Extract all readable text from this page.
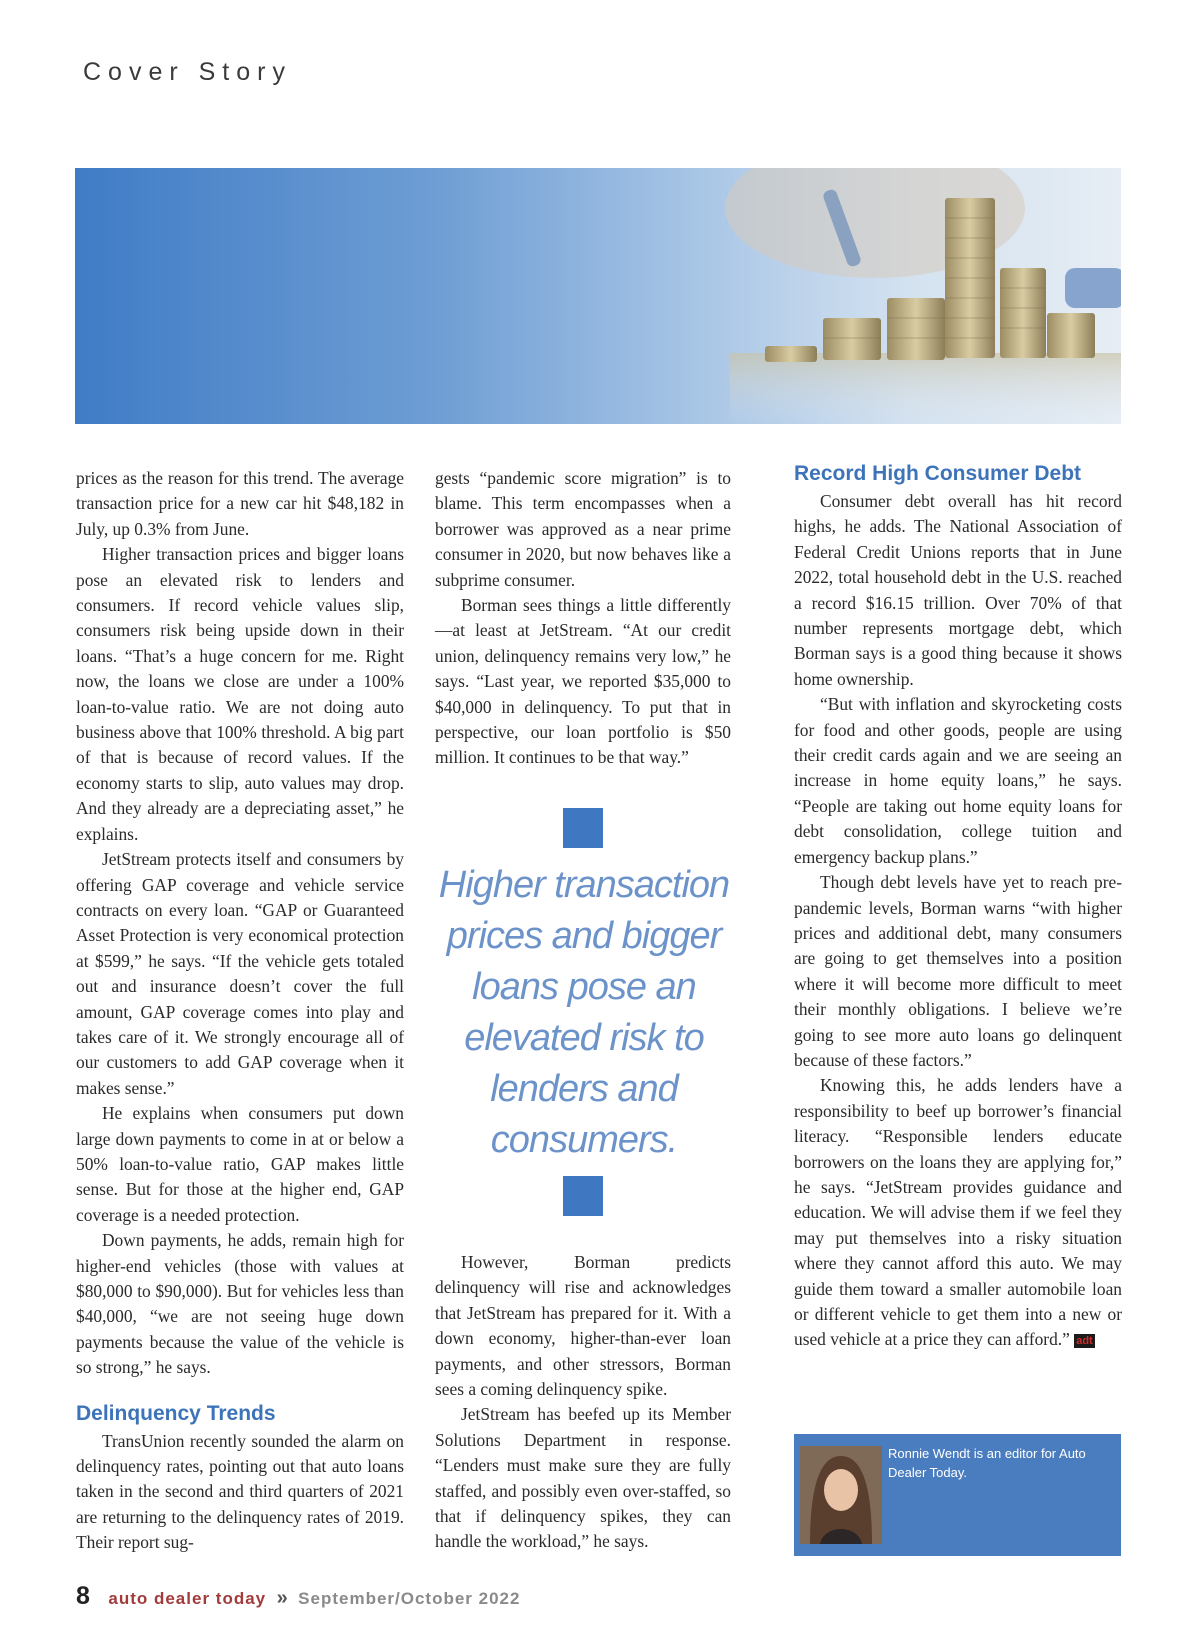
Cover Story

prices as the reason for this trend. The average transaction price for a new car hit $48,182 in July, up 0.3% from June.

Higher transaction prices and bigger loans pose an elevated risk to lenders and consumers. If record vehicle values slip, consumers risk being upside down in their loans. “That’s a huge concern for me. Right now, the loans we close are under a 100% loan-to-value ratio. We are not doing auto business above that 100% threshold. A big part of that is because of record values. If the economy starts to slip, auto values may drop. And they already are a depreciating asset,” he explains.

JetStream protects itself and consumers by offering GAP coverage and vehicle service contracts on every loan. “GAP or Guaranteed Asset Protection is very economical protection at $599,” he says. “If the vehicle gets totaled out and insurance doesn’t cover the full amount, GAP coverage comes into play and takes care of it. We strongly encourage all of our customers to add GAP coverage when it makes sense.”

He explains when consumers put down large down payments to come in at or below a 50% loan-to-value ratio, GAP makes little sense. But for those at the higher end, GAP coverage is a needed protection.

Down payments, he adds, remain high for higher-end vehicles (those with values at $80,000 to $90,000). But for vehicles less than $40,000, “we are not seeing huge down payments because the value of the vehicle is so strong,” he says.

Delinquency Trends

TransUnion recently sounded the alarm on delinquency rates, pointing out that auto loans taken in the second and third quarters of 2021 are returning to the delinquency rates of 2019. Their report sug-

gests “pandemic score migration” is to blame. This term encompasses when a borrower was approved as a near prime consumer in 2020, but now behaves like a subprime consumer.

Borman sees things a little differently—at least at JetStream. “At our credit union, delinquency remains very low,” he says. “Last year, we reported $35,000 to $40,000 in delinquency. To put that in perspective, our loan portfolio is $50 million. It continues to be that way.”

Higher transaction prices and bigger loans pose an elevated risk to lenders and consumers.

However, Borman predicts delinquency will rise and acknowledges that JetStream has prepared for it. With a down economy, higher-than-ever loan payments, and other stressors, Borman sees a coming delinquency spike.

JetStream has beefed up its Member Solutions Department in response. “Lenders must make sure they are fully staffed, and possibly even over-staffed, so that if delinquency spikes, they can handle the workload,” he says.

Record High Consumer Debt

Consumer debt overall has hit record highs, he adds. The National Association of Federal Credit Unions reports that in June 2022, total household debt in the U.S. reached a record $16.15 trillion. Over 70% of that number represents mortgage debt, which Borman says is a good thing because it shows home ownership.

“But with inflation and skyrocketing costs for food and other goods, people are using their credit cards again and we are seeing an increase in home equity loans,” he says. “People are taking out home equity loans for debt consolidation, college tuition and emergency backup plans.”

Though debt levels have yet to reach pre-pandemic levels, Borman warns “with higher prices and additional debt, many consumers are going to get themselves into a position where it will become more difficult to meet their monthly obligations. I believe we’re going to see more auto loans go delinquent because of these factors.”

Knowing this, he adds lenders have a responsibility to beef up borrower’s financial literacy. “Responsible lenders educate borrowers on the loans they are applying for,” he says. “JetStream provides guidance and education. We will advise them if we feel they may put themselves into a risky situation where they cannot afford this auto. We may guide them toward a smaller automobile loan or different vehicle to get them into a new or used vehicle at a price they can afford.” adt

Ronnie Wendt is an editor for Auto Dealer Today.
8 auto dealer today » September/October 2022
